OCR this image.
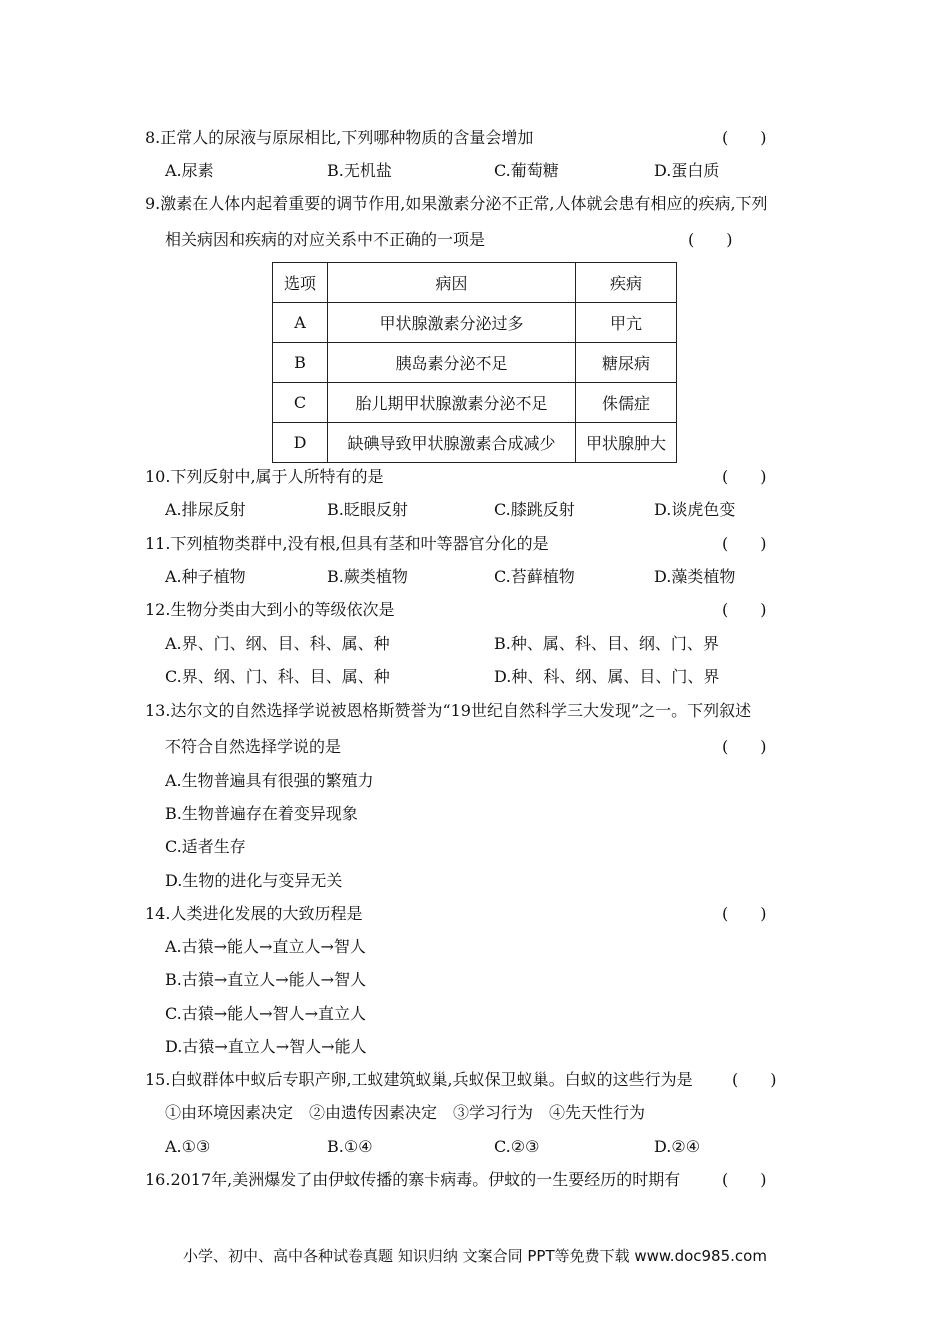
8.正常人的尿液与原尿相比,下列哪种物质的含量会增加	(　　)
A.尿素	B.无机盐	C.葡萄糖	D.蛋白质
9.激素在人体内起着重要的调节作用,如果激素分泌不正常,人体就会患有相应的疾病,下列
相关病因和疾病的对应关系中不正确的一项是	(　　)
选项	病因	疾病
A	甲状腺激素分泌过多	甲亢
B	胰岛素分泌不足	糖尿病
C	胎儿期甲状腺激素分泌不足	侏儒症
D	缺碘导致甲状腺激素合成减少	甲状腺肿大
10.下列反射中,属于人所特有的是	(　　)
A.排尿反射	B.眨眼反射	C.膝跳反射	D.谈虎色变
11.下列植物类群中,没有根,但具有茎和叶等器官分化的是	(　　)
A.种子植物	B.蕨类植物	C.苔藓植物	D.藻类植物
12.生物分类由大到小的等级依次是	(　　)
A.界、门、纲、目、科、属、种	B.种、属、科、目、纲、门、界
C.界、纲、门、科、目、属、种	D.种、科、纲、属、目、门、界
13.达尔文的自然选择学说被恩格斯赞誉为“19世纪自然科学三大发现”之一。下列叙述
不符合自然选择学说的是	(　　)
A.生物普遍具有很强的繁殖力
B.生物普遍存在着变异现象
C.适者生存
D.生物的进化与变异无关
14.人类进化发展的大致历程是	(　　)
A.古猿→能人→直立人→智人
B.古猿→直立人→能人→智人
C.古猿→能人→智人→直立人
D.古猿→直立人→智人→能人
15.白蚁群体中蚁后专职产卵,工蚁建筑蚁巢,兵蚁保卫蚁巢。白蚁的这些行为是 (　　)
①由环境因素决定　②由遗传因素决定　③学习行为　④先天性行为
A.①③	B.①④	C.②③	D.②④
16.2017年,美洲爆发了由伊蚊传播的寨卡病毒。伊蚊的一生要经历的时期有	(　　)
小学、初中、高中各种试卷真题 知识归纳 文案合同 PPT等免费下载 www.doc985.com
